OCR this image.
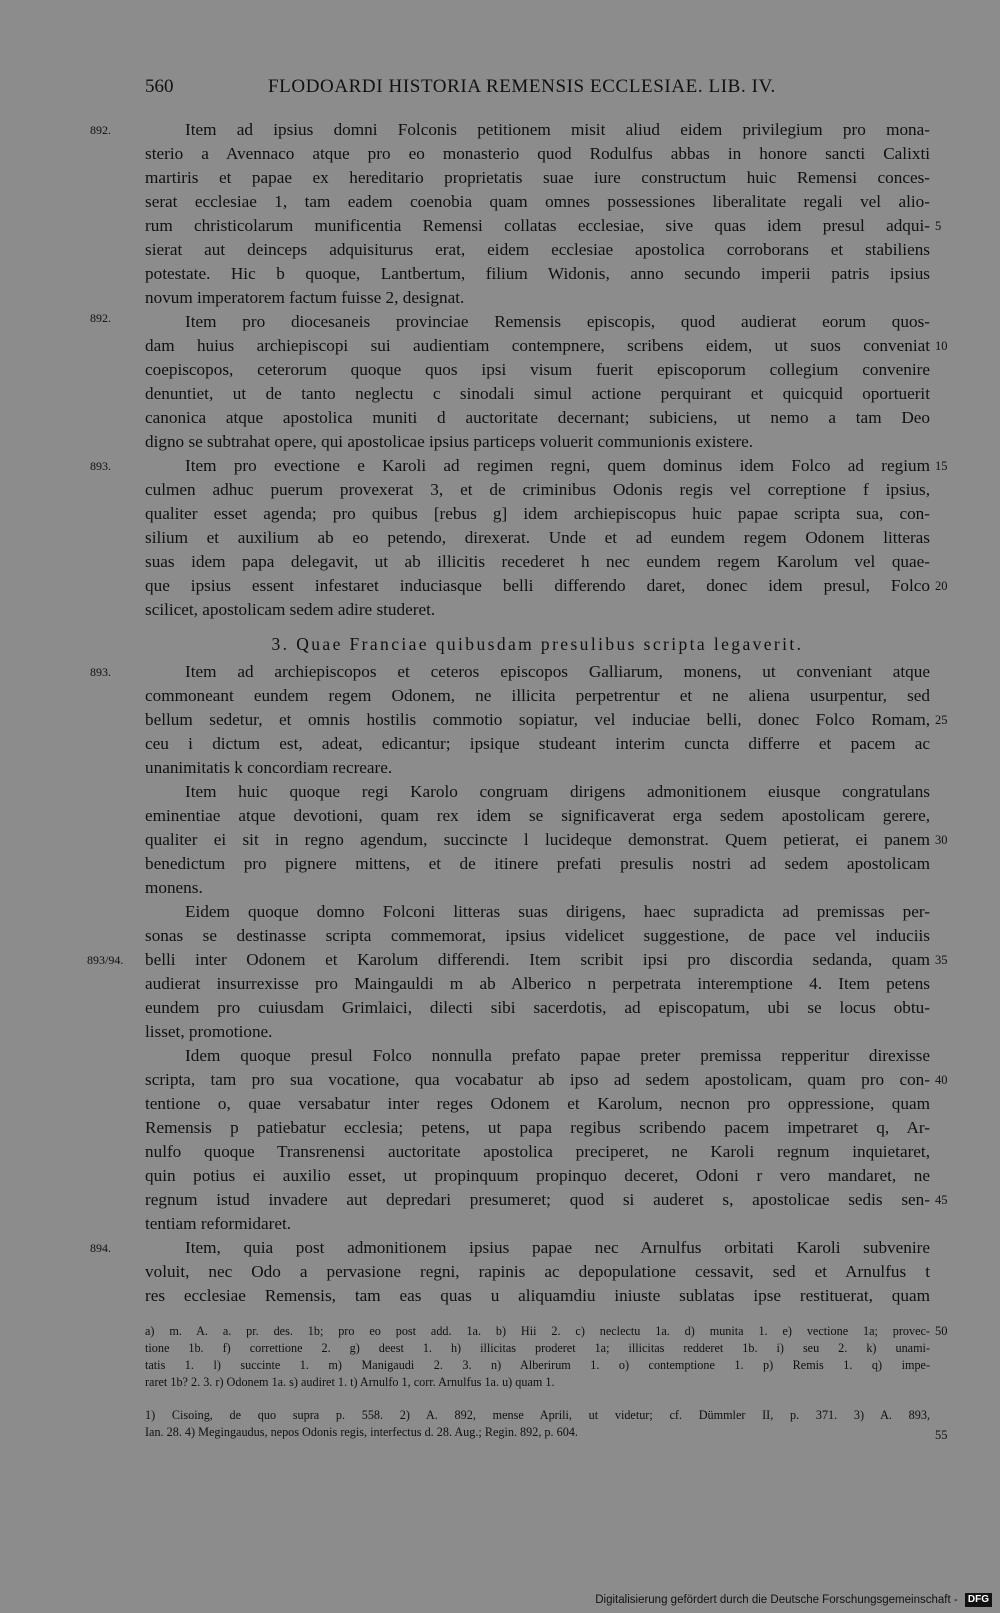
560	FLODOARDI HISTORIA REMENSIS ECCLESIAE. LIB. IV.
Item ad ipsius domni Folconis petitionem misit aliud eidem privilegium pro mona-
892.
sterio a Avennaco atque pro eo monasterio quod Rodulfus abbas in honore sancti Calixti
martiris et papae ex hereditario proprietatis suae iure constructum huic Remensi conces-
serat ecclesiae 1, tam eadem coenobia quam omnes possessiones liberalitate regali vel alio-
rum christicolarum munificentia Remensi collatas ecclesiae, sive quas idem presul adqui- 5
sierat aut deinceps adquisiturus erat, eidem ecclesiae apostolica corroborans et stabiliens
potestate. Hic b quoque, Lantbertum, filium Widonis, anno secundo imperii patris ipsius
novum imperatorem factum fuisse 2, designat.
Item pro diocesaneis provinciae Remensis episcopis, quod audierat eorum quos-
892.
dam huius archiepiscopi sui audientiam contempnere, scribens eidem, ut suos conveniat
coepiscopos, ceterorum quoque quos ipsi visum fuerit episcoporum collegium convenire
10
denuntiet, ut de tanto neglectu c sinodali simul actione perquirant et quicquid oportuerit
canonica atque apostolica muniti d auctoritate decernant; subiciens, ut nemo a tam Deo
digno se subtrahat opere, qui apostolicae ipsius particeps voluerit communionis existere.
Item pro evectione e Karoli ad regimen regni, quem dominus idem Folco ad regium
893.	15
culmen adhuc puerum provexerat 3, et de criminibus Odonis regis vel correptione f ipsius,
qualiter esset agenda; pro quibus [rebus g] idem archiepiscopus huic papae scripta sua, con-
silium et auxilium ab eo petendo, direxerat. Unde et ad eundem regem Odonem litteras
suas idem papa delegavit, ut ab illicitis recederet h nec eundem regem Karolum vel quae-
que ipsius essent infestaret induciasque belli differendo daret, donec idem presul, Folco 20
scilicet, apostolicam sedem adire studeret.
3. Quae Franciae quibusdam presulibus scripta legaverit.
Item ad archiepiscopos et ceteros episcopos Galliarum, monens, ut conveniant atque
893.
commoneant eundem regem Odonem, ne illicita perpetrentur et ne aliena usurpentur, sed
bellum sedetur, et omnis hostilis commotio sopiatur, vel induciae belli, donec Folco Romam, 25
ceu i dictum est, adeat, edicantur; ipsique studeant interim cuncta differre et pacem ac
unanimitatis k concordiam recreare.
Item huic quoque regi Karolo congruam dirigens admonitionem eiusque congratulans
eminentiae atque devotioni, quam rex idem se significaverat erga sedem apostolicam gerere,
qualiter ei sit in regno agendum, succincte l lucideque demonstrat. Quem petierat, ei panem 30
benedictum pro pignere mittens, et de itinere prefati presulis nostri ad sedem apostolicam
monens.
Eidem quoque domno Folconi litteras suas dirigens, haec supradicta ad premissas per-
sonas se destinasse scripta commemorat, ipsius videlicet suggestione, de pace vel induciis
belli inter Odonem et Karolum differendi. Item scribit ipsi pro discordia sedanda, quam
893/94.	35
audierat insurrexisse pro Maingauldi m ab Alberico n perpetrata interemptione 4. Item petens
eundem pro cuiusdam Grimlaici, dilecti sibi sacerdotis, ad episcopatum, ubi se locus obtu-
lisset, promotione.
Idem quoque presul Folco nonnulla prefato papae preter premissa repperitur direxisse
scripta, tam pro sua vocatione, qua vocabatur ab ipso ad sedem apostolicam, quam pro con- 40
tentione o, quae versabatur inter reges Odonem et Karolum, necnon pro oppressione, quam
Remensis p patiebatur ecclesia; petens, ut papa regibus scribendo pacem impetraret q, Ar-
nulfo quoque Transrenensi auctoritate apostolica preciperet, ne Karoli regnum inquietaret,
quin potius ei auxilio esset, ut propinquum propinquo deceret, Odoni r vero mandaret, ne
regnum istud invadere aut depredari presumeret; quod si auderet s, apostolicae sedis sen- 45
tentiam reformidaret.
Item, quia post admonitionem ipsius papae nec Arnulfus orbitati Karoli subvenire
894.
voluit, nec Odo a pervasione regni, rapinis ac depopulatione cessavit, sed et Arnulfus t
res ecclesiae Remensis, tam eas quas u aliquamdiu iniuste sublatas ipse restituerat, quam
a) m. A. a. pr. des. 1b; pro eo post add. 1a. b) Hii 2. c) neclectu 1a. d) munita 1. e) vectione 1a; provec- 50
tione 1b. f) correttione 2. g) deest 1. h) illicitas proderet 1a; illicitas redderet 1b. i) seu 2. k) unami-
tatis 1. l) succinte 1. m) Manigaudi 2. 3. n) Alberirum 1. o) contemptione 1. p) Remis 1. q) impe-
raret 1b? 2. 3. r) Odonem 1a. s) audiret 1. t) Arnulfo 1, corr. Arnulfus 1a. u) quam 1.
1) Cisoing, de quo supra p. 558. 2) A. 892, mense Aprili, ut videtur; cf. Dümmler II, p. 371. 3) A. 893,
Ian. 28. 4) Megingaudus, nepos Odonis regis, interfectus d. 28. Aug.; Regin. 892, p. 604.	55
Digitalisierung gefördert durch die Deutsche Forschungsgemeinschaft - DFG
